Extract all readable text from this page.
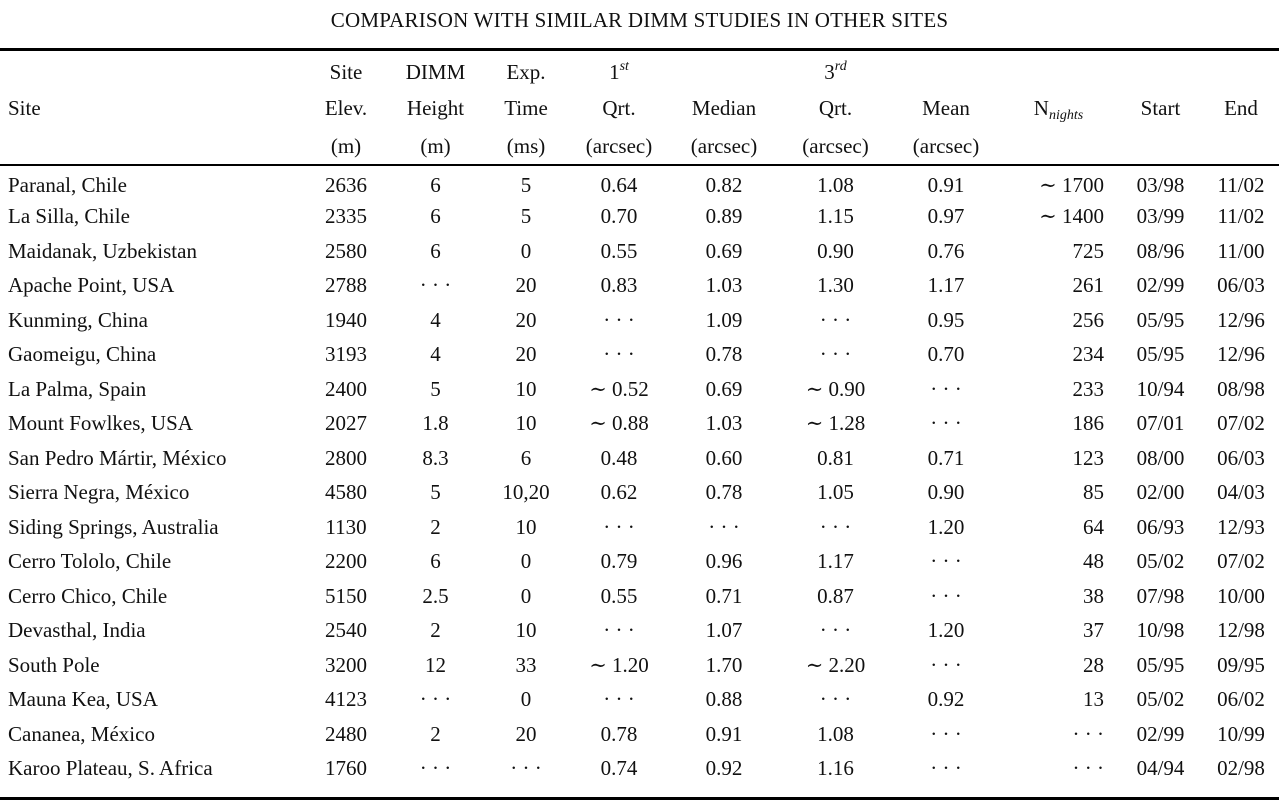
COMPARISON WITH SIMILAR DIMM STUDIES IN OTHER SITES
	Site	DIMM	Exp.	1st		3rd				
Site	Elev.	Height	Time	Qrt.	Median	Qrt.	Mean	$N_{nights}$	Start	End
	(m)	(m)	(ms)	(arcsec)	(arcsec)	(arcsec)	(arcsec)			
Paranal, Chile	2636	6	5	0.64	0.82	1.08	0.91	∼ 1700	03/98	11/02
La Silla, Chile	2335	6	5	0.70	0.89	1.15	0.97	∼ 1400	03/99	11/02
Maidanak, Uzbekistan	2580	6	0	0.55	0.69	0.90	0.76	725	08/96	11/00
Apache Point, USA	2788	· · ·	20	0.83	1.03	1.30	1.17	261	02/99	06/03
Kunming, China	1940	4	20	· · ·	1.09	· · ·	0.95	256	05/95	12/96
Gaomeigu, China	3193	4	20	· · ·	0.78	· · ·	0.70	234	05/95	12/96
La Palma, Spain	2400	5	10	∼ 0.52	0.69	∼ 0.90	· · ·	233	10/94	08/98
Mount Fowlkes, USA	2027	1.8	10	∼ 0.88	1.03	∼ 1.28	· · ·	186	07/01	07/02
San Pedro Mártir, México	2800	8.3	6	0.48	0.60	0.81	0.71	123	08/00	06/03
Sierra Negra, México	4580	5	10,20	0.62	0.78	1.05	0.90	85	02/00	04/03
Siding Springs, Australia	1130	2	10	· · ·	· · ·	· · ·	1.20	64	06/93	12/93
Cerro Tololo, Chile	2200	6	0	0.79	0.96	1.17	· · ·	48	05/02	07/02
Cerro Chico, Chile	5150	2.5	0	0.55	0.71	0.87	· · ·	38	07/98	10/00
Devasthal, India	2540	2	10	· · ·	1.07	· · ·	1.20	37	10/98	12/98
South Pole	3200	12	33	∼ 1.20	1.70	∼ 2.20	· · ·	28	05/95	09/95
Mauna Kea, USA	4123	· · ·	0	· · ·	0.88	· · ·	0.92	13	05/02	06/02
Cananea, México	2480	2	20	0.78	0.91	1.08	· · ·	· · ·	02/99	10/99
Karoo Plateau, S. Africa	1760	· · ·	· · ·	0.74	0.92	1.16	· · ·	· · ·	04/94	02/98
